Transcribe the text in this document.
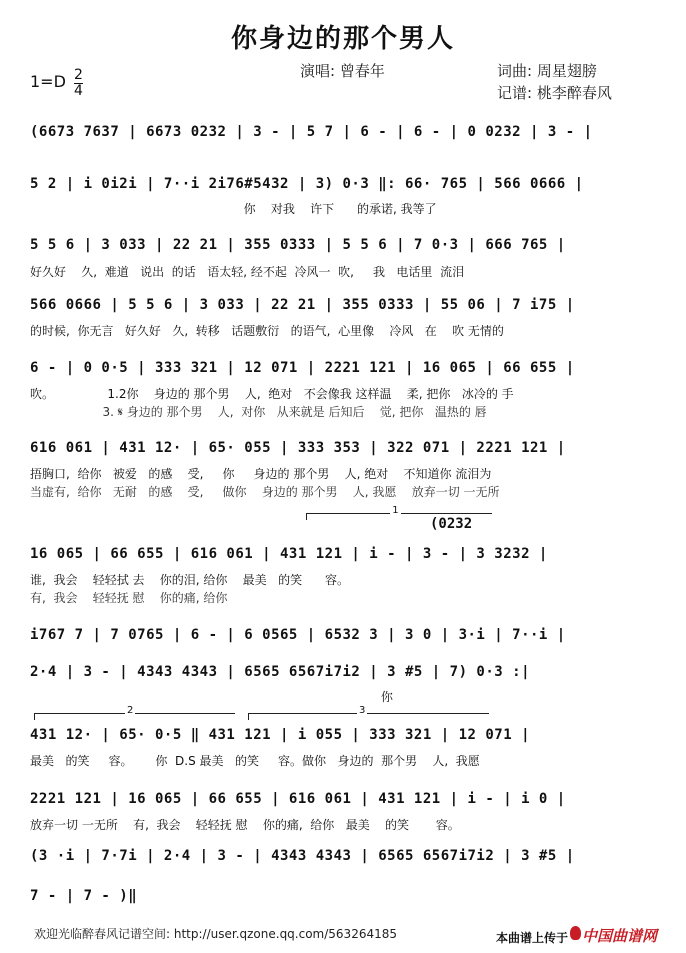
你身边的那个男人
演唱: 曾春年	词曲: 周星翅膀
记谱: 桃李醉春风
1=D 2
4
(6673 7637 | 6673 0232 | 3 - | 5 7 | 6 - | 6 - | 0 0232 | 3 - |
5 2 | i 0i2i | 7··i 2i76#5432 | 3) 0·3 ‖: 66· 765 | 566 0666 |
你    对我    许下      的承诺, 我等了
5 5 6 | 3 033 | 22 21 | 355 0333 | 5 5 6 | 7 0·3 | 666 765 |
好久好    久,  难道   说出  的话   语太轻, 经不起  冷风一  吹,     我   电话里  流泪
566 0666 | 5 5 6 | 3 033 | 22 21 | 355 0333 | 55 06 | 7 i75 |
的时候,  你无言   好久好   久,  转移   话题敷衍   的语气,  心里像    冷风   在    吹 无情的
6 - | 0 0·5 | 333 321 | 12 071 | 2221 121 | 16 065 | 66 655 |
吹。              1.2你    身边的 那个男    人,  绝对   不会像我 这样温    柔, 把你   冰冷的 手
3. 𝄋 身边的 那个男    人,  对你   从来就是 后知后    觉, 把你   温热的 唇
616 061 | 431 12· | 65· 055 | 333 353 | 322 071 | 2221 121 |
捂胸口,  给你   被爱   的感    受,     你     身边的 那个男    人, 绝对    不知道你 流泪为
当虚有,  给你   无耐   的感    受,     做你    身边的 那个男    人, 我愿    放弃一切 一无所
1
(0232
16 065 | 66 655 | 616 061 | 431 121 | i - | 3 - | 3 3232 |
谁,  我会    轻轻拭 去    你的泪, 给你    最美   的笑      容。
有,  我会    轻轻抚 慰    你的痛, 给你
i767 7 | 7 0765 | 6 - | 6 0565 | 6532 3 | 3 0 | 3·i | 7··i |
2·4 | 3 - | 4343 4343 | 6565 6567i7i2 | 3 #5 | 7) 0·3 :|
你
2	3
431 12· | 65· 0·5 ‖ 431 121 | i 055 | 333 321 | 12 071 |
最美   的笑     容。      你  D.S 最美   的笑     容。做你   身边的  那个男    人,  我愿
2221 121 | 16 065 | 66 655 | 616 061 | 431 121 | i - | i 0 |
放弃一切 一无所    有,  我会    轻轻抚 慰    你的痛,  给你   最美    的笑       容。
(3 ·i | 7·7i | 2·4 | 3 - | 4343 4343 | 6565 6567i7i2 | 3 #5 |
7 - | 7 - )‖
欢迎光临醉春风记谱空间: http://user.qzone.qq.com/563264185	本曲谱上传于 中国曲谱网
